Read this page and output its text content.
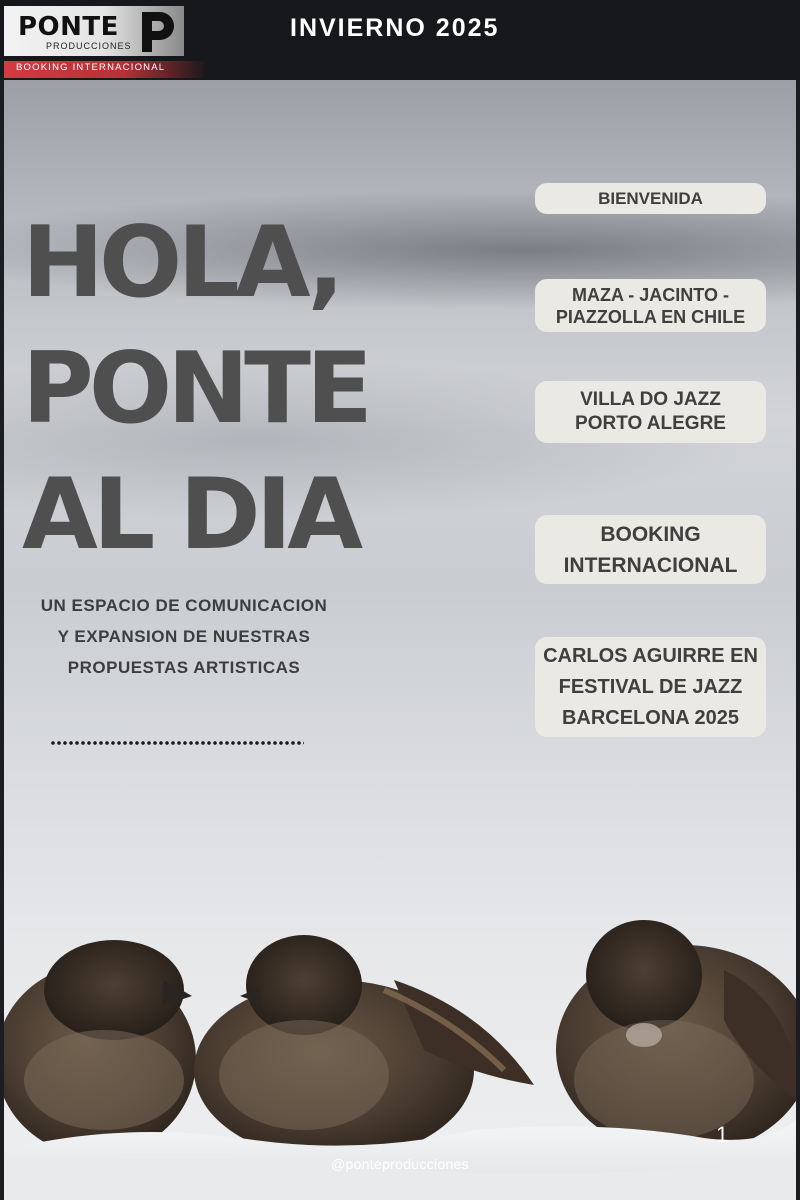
PONTE
PRODUCCIONES
BOOKING INTERNACIONAL
INVIERNO 2025
HOLA,
PONTE
AL DIA
UN ESPACIO DE COMUNICACION
Y EXPANSION DE NUESTRAS
PROPUESTAS ARTISTICAS
BIENVENIDA
MAZA - JACINTO -
PIAZZOLLA EN CHILE
VILLA DO JAZZ
PORTO ALEGRE
BOOKING
INTERNACIONAL
CARLOS AGUIRRE EN
FESTIVAL DE JAZZ
BARCELONA 2025
1
@ponteproducciones
